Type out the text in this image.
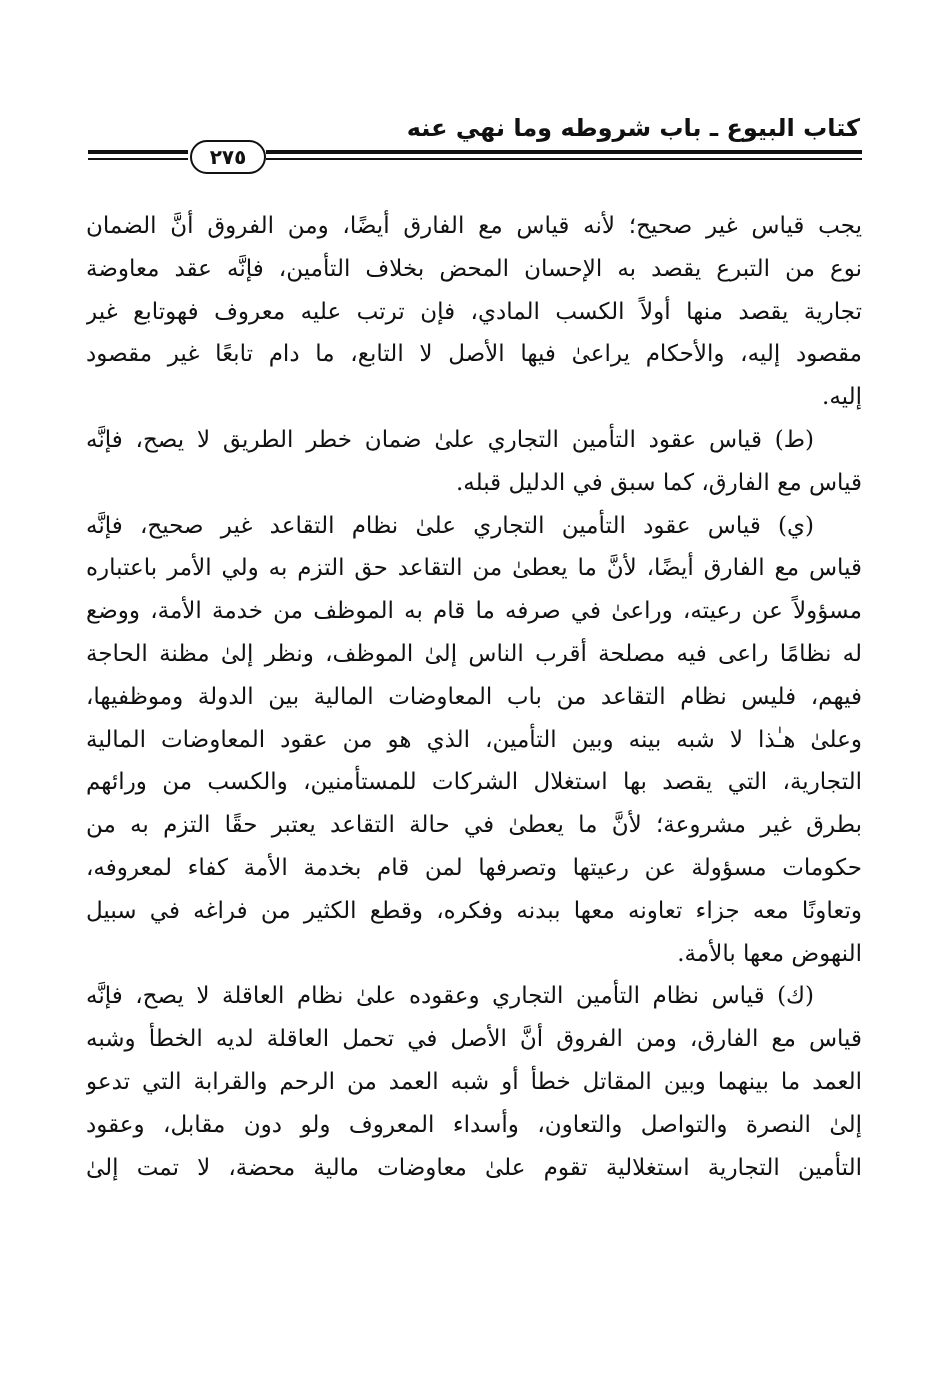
كتاب البيوع ـ باب شروطه وما نهي عنه
٢٧٥
يجب قياس غير صحيح؛ لأنه قياس مع الفارق أيضًا، ومن الفروق أنَّ الضمان
نوع من التبرع يقصد به الإحسان المحض بخلاف التأمين، فإنَّه عقد معاوضة
تجارية يقصد منها أولاً الكسب المادي، فإن ترتب عليه معروف فهوتابع غير
مقصود إليه، والأحكام يراعىٰ فيها الأصل لا التابع، ما دام تابعًا غير مقصود
إليه.
(ط) قياس عقود التأمين التجاري علىٰ ضمان خطر الطريق لا يصح، فإنَّه
قياس مع الفارق، كما سبق في الدليل قبله.
(ي) قياس عقود التأمين التجاري علىٰ نظام التقاعد غير صحيح، فإنَّه
قياس مع الفارق أيضًا، لأنَّ ما يعطىٰ من التقاعد حق التزم به ولي الأمر باعتباره
مسؤولاً عن رعيته، وراعىٰ في صرفه ما قام به الموظف من خدمة الأمة، ووضع
له نظامًا راعى فيه مصلحة أقرب الناس إلىٰ الموظف، ونظر إلىٰ مظنة الحاجة
فيهم، فليس نظام التقاعد من باب المعاوضات المالية بين الدولة وموظفيها،
وعلىٰ هـٰذا لا شبه بينه وبين التأمين، الذي هو من عقود المعاوضات المالية
التجارية، التي يقصد بها استغلال الشركات للمستأمنين، والكسب من ورائهم
بطرق غير مشروعة؛ لأنَّ ما يعطىٰ في حالة التقاعد يعتبر حقًا التزم به من
حكومات مسؤولة عن رعيتها وتصرفها لمن قام بخدمة الأمة كفاء لمعروفه،
وتعاونًا معه جزاء تعاونه معها ببدنه وفكره، وقطع الكثير من فراغه في سبيل
النهوض معها بالأمة.
(ك) قياس نظام التأمين التجاري وعقوده علىٰ نظام العاقلة لا يصح، فإنَّه
قياس مع الفارق، ومن الفروق أنَّ الأصل في تحمل العاقلة لديه الخطأ وشبه
العمد ما بينهما وبين المقاتل خطأ أو شبه العمد من الرحم والقرابة التي تدعو
إلىٰ النصرة والتواصل والتعاون، وأسداء المعروف ولو دون مقابل، وعقود
التأمين التجارية استغلالية تقوم علىٰ معاوضات مالية محضة، لا تمت إلىٰ
